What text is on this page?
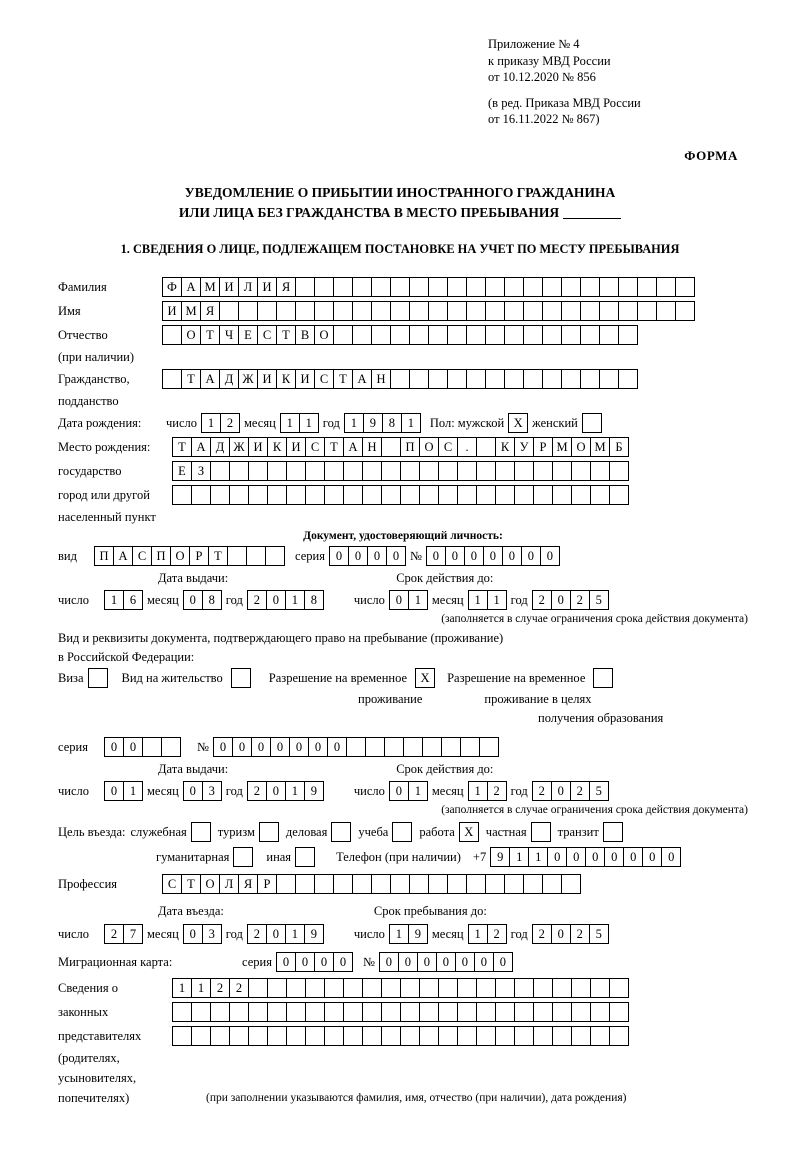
Приложение № 4
к приказу МВД России
от 10.12.2020 № 856
(в ред. Приказа МВД России
от 16.11.2022 № 867)
ФОРМА
УВЕДОМЛЕНИЕ О ПРИБЫТИИ ИНОСТРАННОГО ГРАЖДАНИНА
ИЛИ ЛИЦА БЕЗ ГРАЖДАНСТВА В МЕСТО ПРЕБЫВАНИЯ
1. СВЕДЕНИЯ О ЛИЦЕ, ПОДЛЕЖАЩЕМ ПОСТАНОВКЕ НА УЧЕТ ПО МЕСТУ ПРЕБЫВАНИЯ
Фамилия	Ф А М И Л И Я
Имя	И М Я
Отчество	О Т Ч Е С Т В О
(при наличии)
Гражданство,	Т А Д Ж И К И С Т А Н
подданство
Дата рождения:	число 1	2 месяц 1	1 год 1	9	8	1	Пол: мужской X женский
Место рождения:	Т А Д Ж И К И С Т А Н	П О С	.	К У Р М О М Б
государство	Е З
город или другой
населенный пункт
Документ, удостоверяющий личность:
вид	П А С П О Р Т	серия 0	0	0	0 № 0	0	0	0	0	0	0
Дата выдачи:	Срок действия до:
число	1	6 месяц 0	8 год 2	0	1	8	число 0	1 месяц 1	1 год 2	0	2	5
(заполняется в случае ограничения срока действия документа)
Вид и реквизиты документа, подтверждающего право на пребывание (проживание)
в Российской Федерации:
Виза	Вид на жительство	Разрешение на временное	X	Разрешение на временное
проживание	проживание в целях
получения образования
серия	0	0	№ 0	0	0	0	0	0	0
Дата выдачи:	Срок действия до:
число	0	1 месяц 0	3 год 2	0	1	9	число 0	1 месяц 1	2 год 2	0	2	5
(заполняется в случае ограничения срока действия документа)
Цель въезда: служебная туризм деловая учеба работа X частная транзит
гуманитарная	иная	Телефон (при наличии) +7 9	1	1	0	0	0	0	0	0	0
Профессия	С Т О Л Я Р
Дата въезда:	Срок пребывания до:
число	2	7 месяц 0	3 год 2	0	1	9	число 1	9 месяц 1	2 год 2	0	2	5
Миграционная карта:	серия 0	0	0	0	№ 0	0	0	0	0	0	0
Сведения о	1	1	2	2
законных
представителях
(родителях,
усыновителях,
попечителях)	(при заполнении указываются фамилия, имя, отчество (при наличии), дата рождения)
